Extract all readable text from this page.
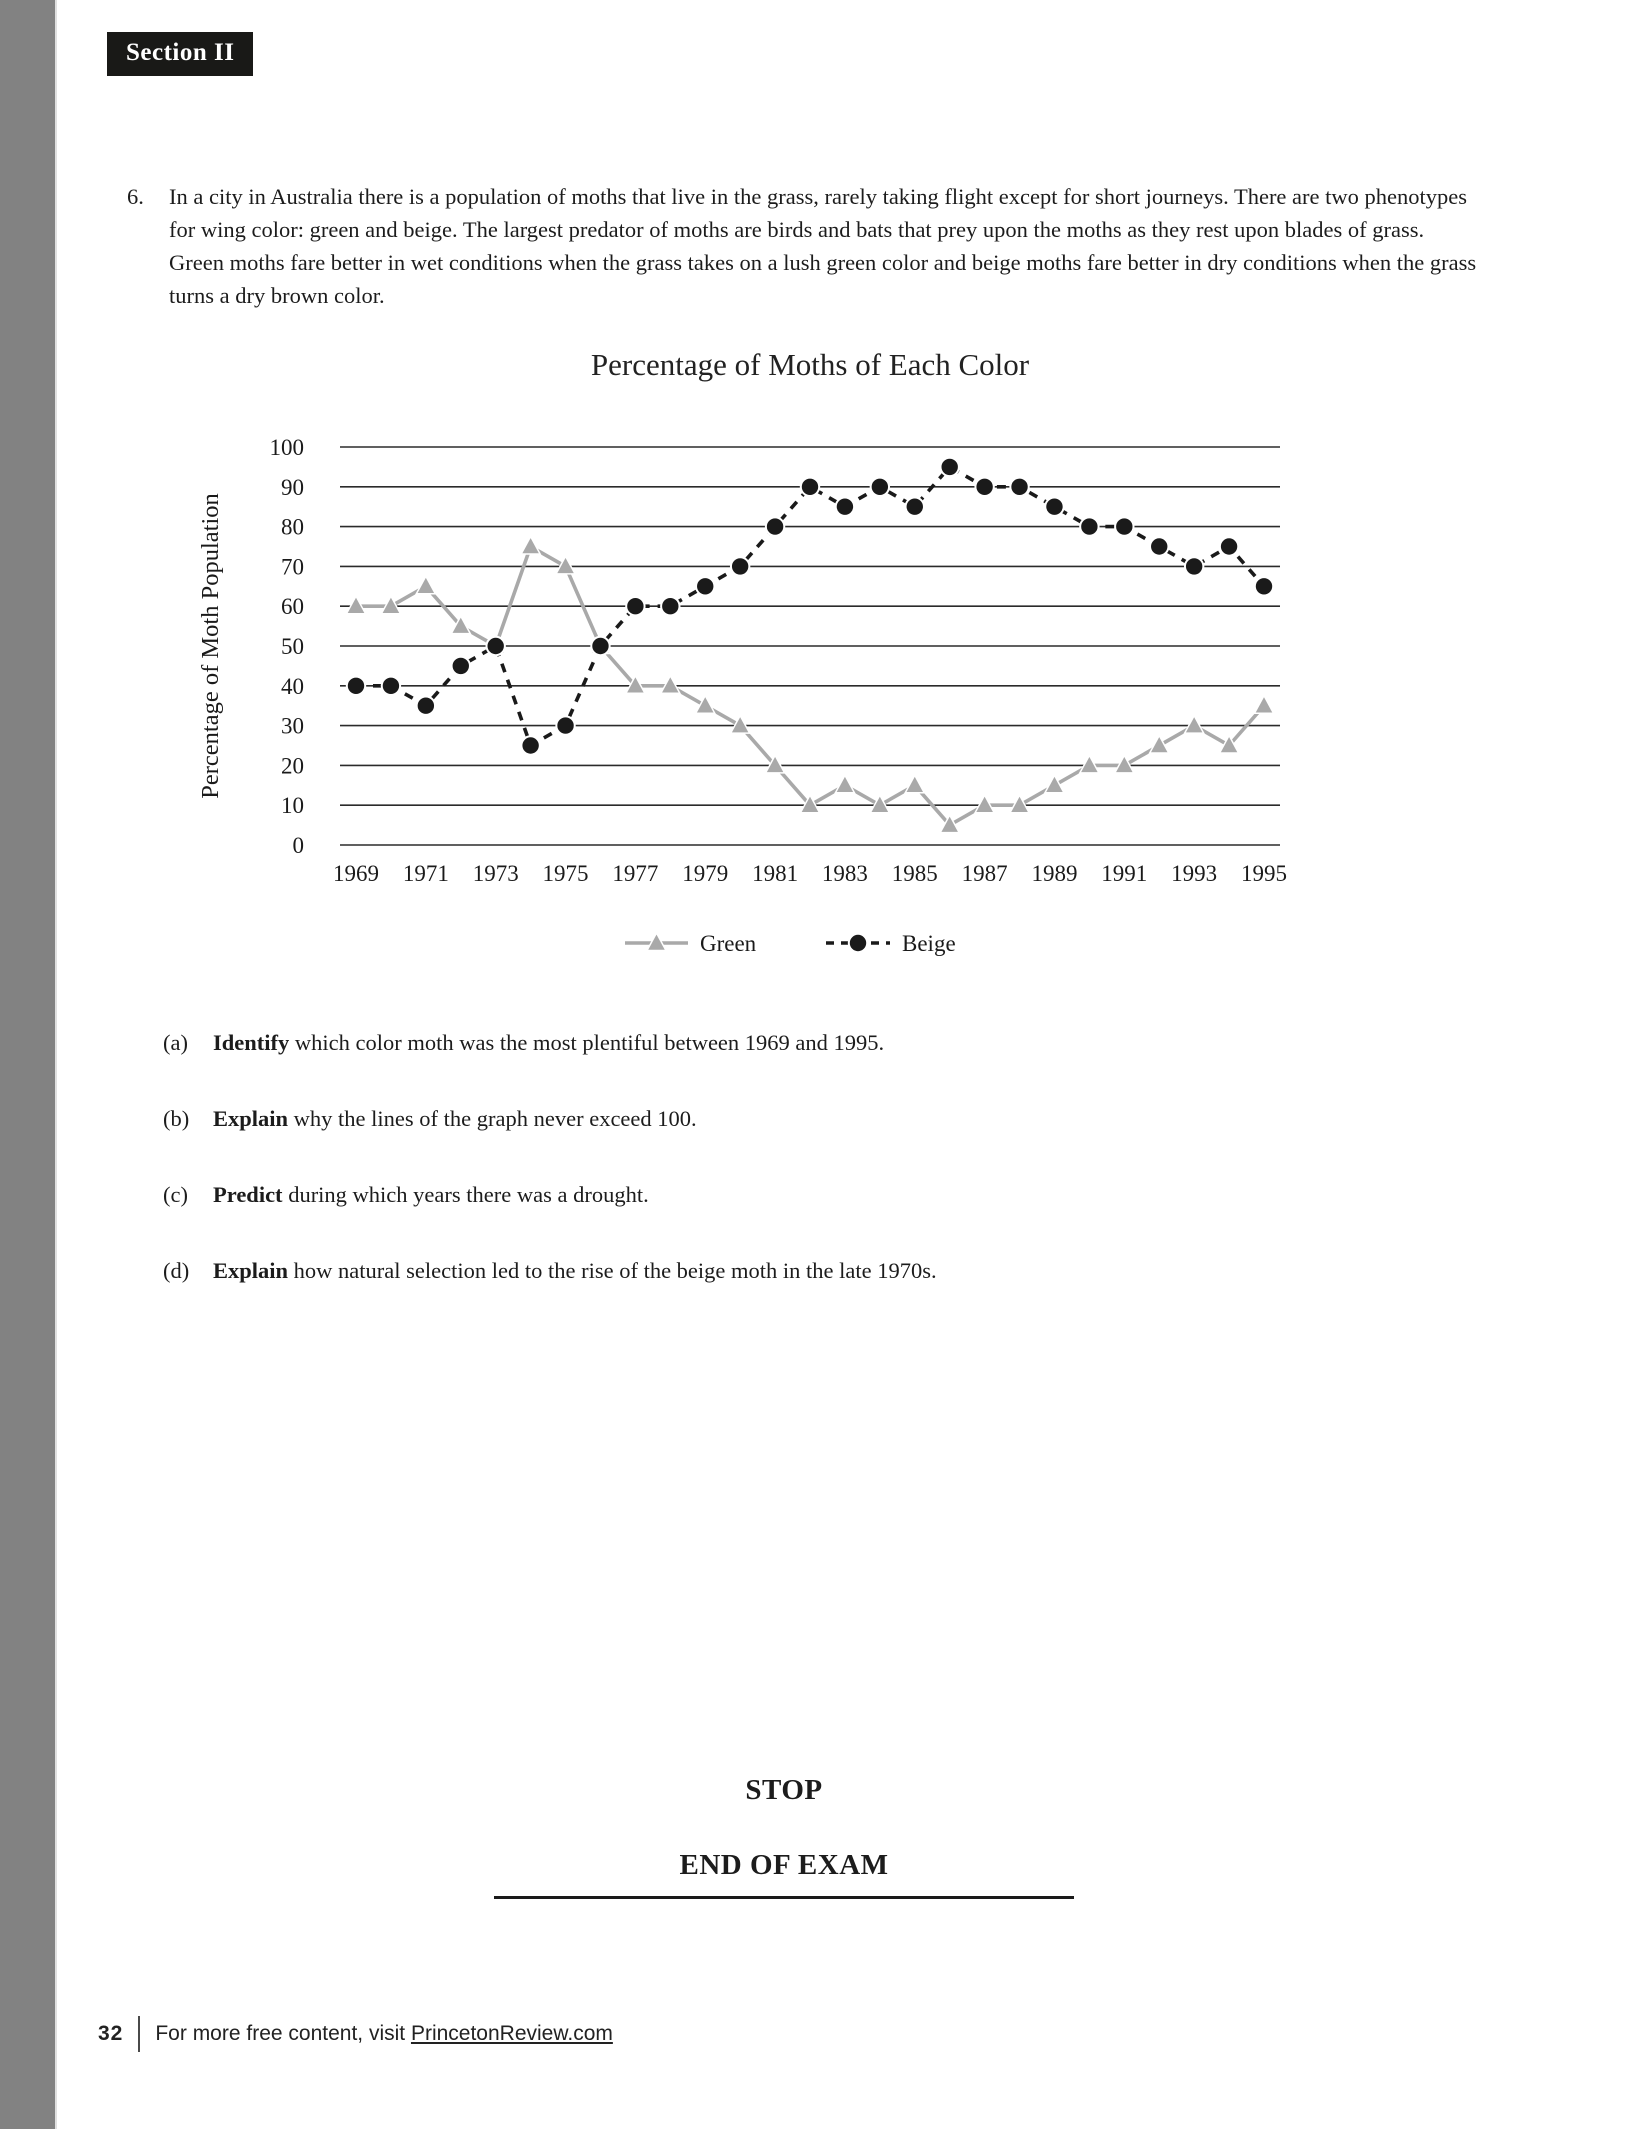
Section II
6.	In a city in Australia there is a population of moths that live in the grass, rarely taking flight except for short journeys. There are two phenotypes for wing color: green and beige. The largest predator of moths are birds and bats that prey upon the moths as they rest upon blades of grass. Green moths fare better in wet conditions when the grass takes on a lush green color and beige moths fare better in dry conditions when the grass turns a dry brown color.
Percentage of Moths of Each Color
0
10
20
30
40
50
60
70
80
90
100
Percentage of Moth Population
1969 1971 1973 1975 1977 1979 1981 1983 1985 1987 1989 1991 1993 1995
Green	Beige
(a)	Identify which color moth was the most plentiful between 1969 and 1995.
(b)	Explain why the lines of the graph never exceed 100.
(c)	Predict during which years there was a drought.
(d)	Explain how natural selection led to the rise of the beige moth in the late 1970s.
STOP
END OF EXAM
32 For more free content, visit PrincetonReview.com
